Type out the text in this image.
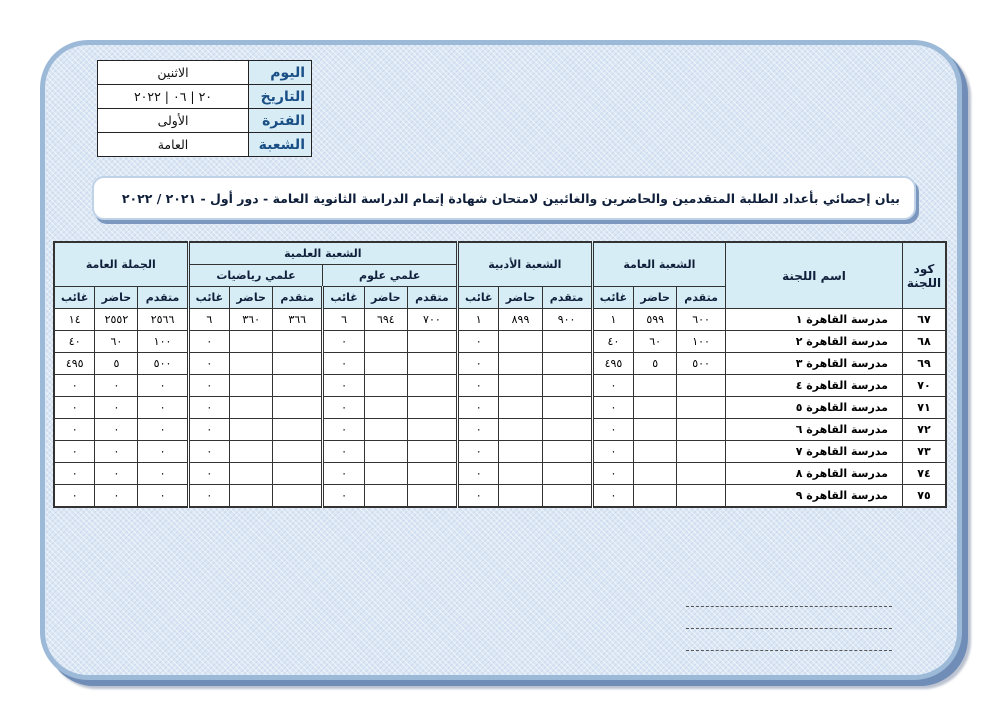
اليوم	الاثنين
التاريخ	٢٠ | ٠٦ | ٢٠٢٢
الفترة	الأولى
الشعبة	العامة
بيان إحصائي بأعداد الطلبة المتقدمين والحاضرين والغائبين لامتحان شهادة إتمام الدراسة الثانوية العامة - دور أول - ٢٠٢١ / ٢٠٢٢
كود اللجنة	اسم اللجنة	الشعبة العامة			الشعبة الأدبية			الشعبة العلمية						الجملة العامة		
								علمي علوم			علمي رياضيات					
		متقدم	حاضر	غائب	متقدم	حاضر	غائب	متقدم	حاضر	غائب	متقدم	حاضر	غائب	متقدم	حاضر	غائب
٦٧	مدرسة القاهرة ١	٦٠٠	٥٩٩	١	٩٠٠	٨٩٩	١	٧٠٠	٦٩٤	٦	٣٦٦	٣٦٠	٦	٢٥٦٦	٢٥٥٢	١٤
٦٨	مدرسة القاهرة ٢	١٠٠	٦٠	٤٠			٠			٠			٠	١٠٠	٦٠	٤٠
٦٩	مدرسة القاهرة ٣	٥٠٠	٥	٤٩٥			٠			٠			٠	٥٠٠	٥	٤٩٥
٧٠	مدرسة القاهرة ٤			٠			٠			٠			٠	٠	٠	٠
٧١	مدرسة القاهرة ٥			٠			٠			٠			٠	٠	٠	٠
٧٢	مدرسة القاهرة ٦			٠			٠			٠			٠	٠	٠	٠
٧٣	مدرسة القاهرة ٧			٠			٠			٠			٠	٠	٠	٠
٧٤	مدرسة القاهرة ٨			٠			٠			٠			٠	٠	٠	٠
٧٥	مدرسة القاهرة ٩			٠			٠			٠			٠	٠	٠	٠
